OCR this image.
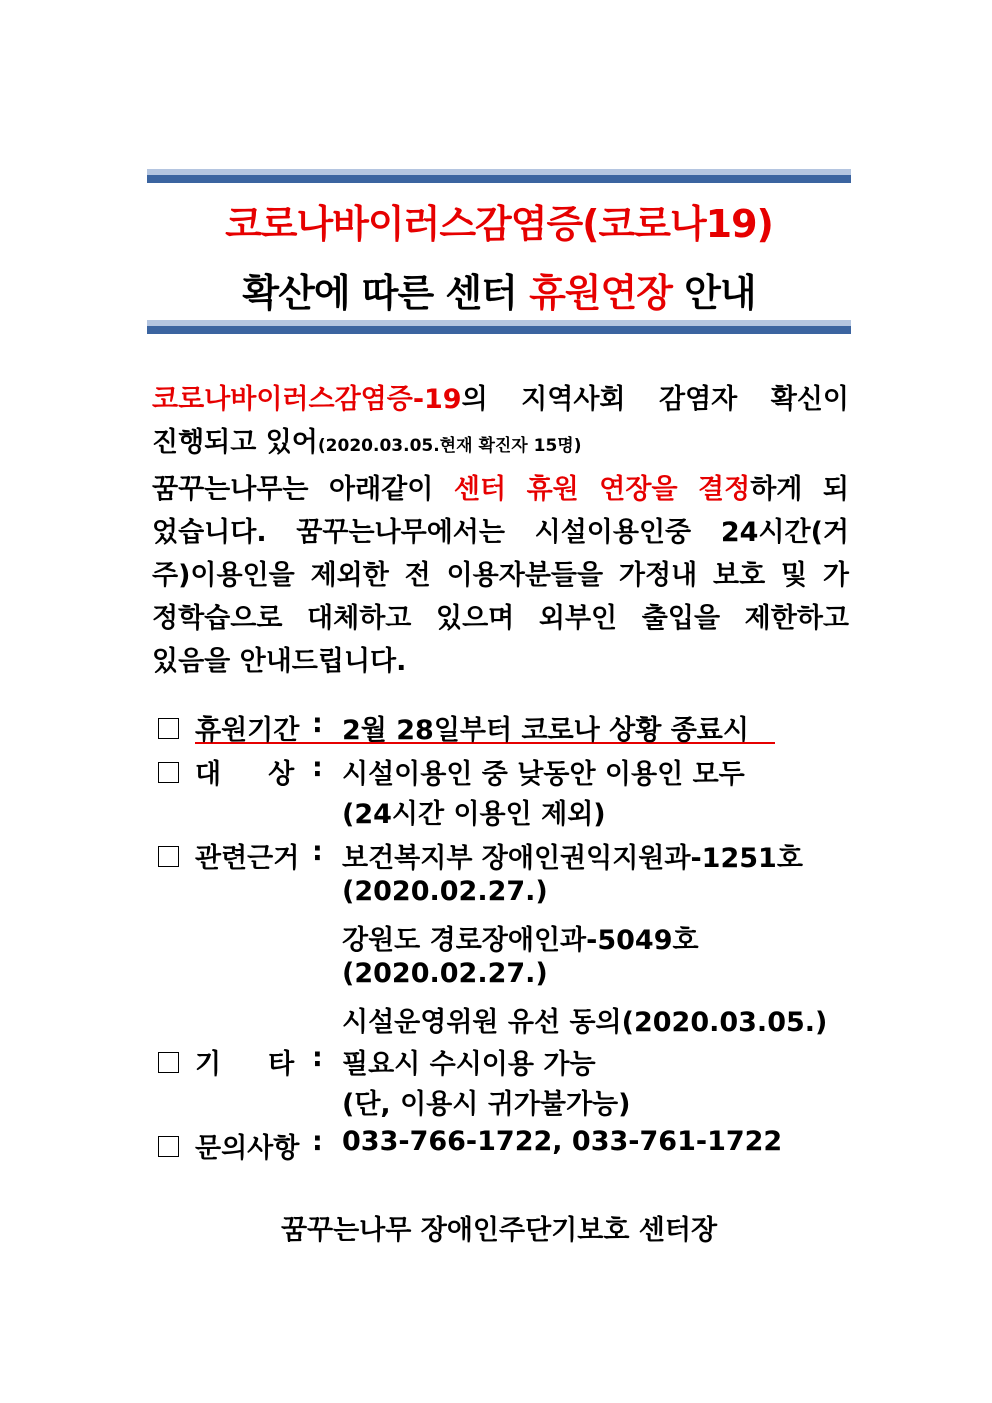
코로나바이러스감염증(코로나19)
확산에 따른 센터 휴원연장 안내
코로나바이러스감염증-19의 지역사회 감염자 확신이
진행되고 있어(2020.03.05.현재 확진자 15명)
꿈꾸는나무는 아래같이 센터 휴원 연장을 결정하게 되
었습니다. 꿈꾸는나무에서는 시설이용인중 24시간(거
주)이용인을 제외한 전 이용자분들을 가정내 보호 및 가
정학습으로 대체하고 있으며 외부인 출입을 제한하고
있음을 안내드립니다.
휴원기간 : 2월 28일부터 코로나 상황 종료시
대     상 : 시설이용인 중 낮동안 이용인 모두
(24시간 이용인 제외)
관련근거 : 보건복지부 장애인권익지원과-1251호
(2020.02.27.)
강원도 경로장애인과-5049호
(2020.02.27.)
시설운영위원 유선 동의(2020.03.05.)
기     타 : 필요시 수시이용 가능
(단, 이용시 귀가불가능)
문의사항 : 033-766-1722, 033-761-1722
꿈꾸는나무 장애인주단기보호 센터장
